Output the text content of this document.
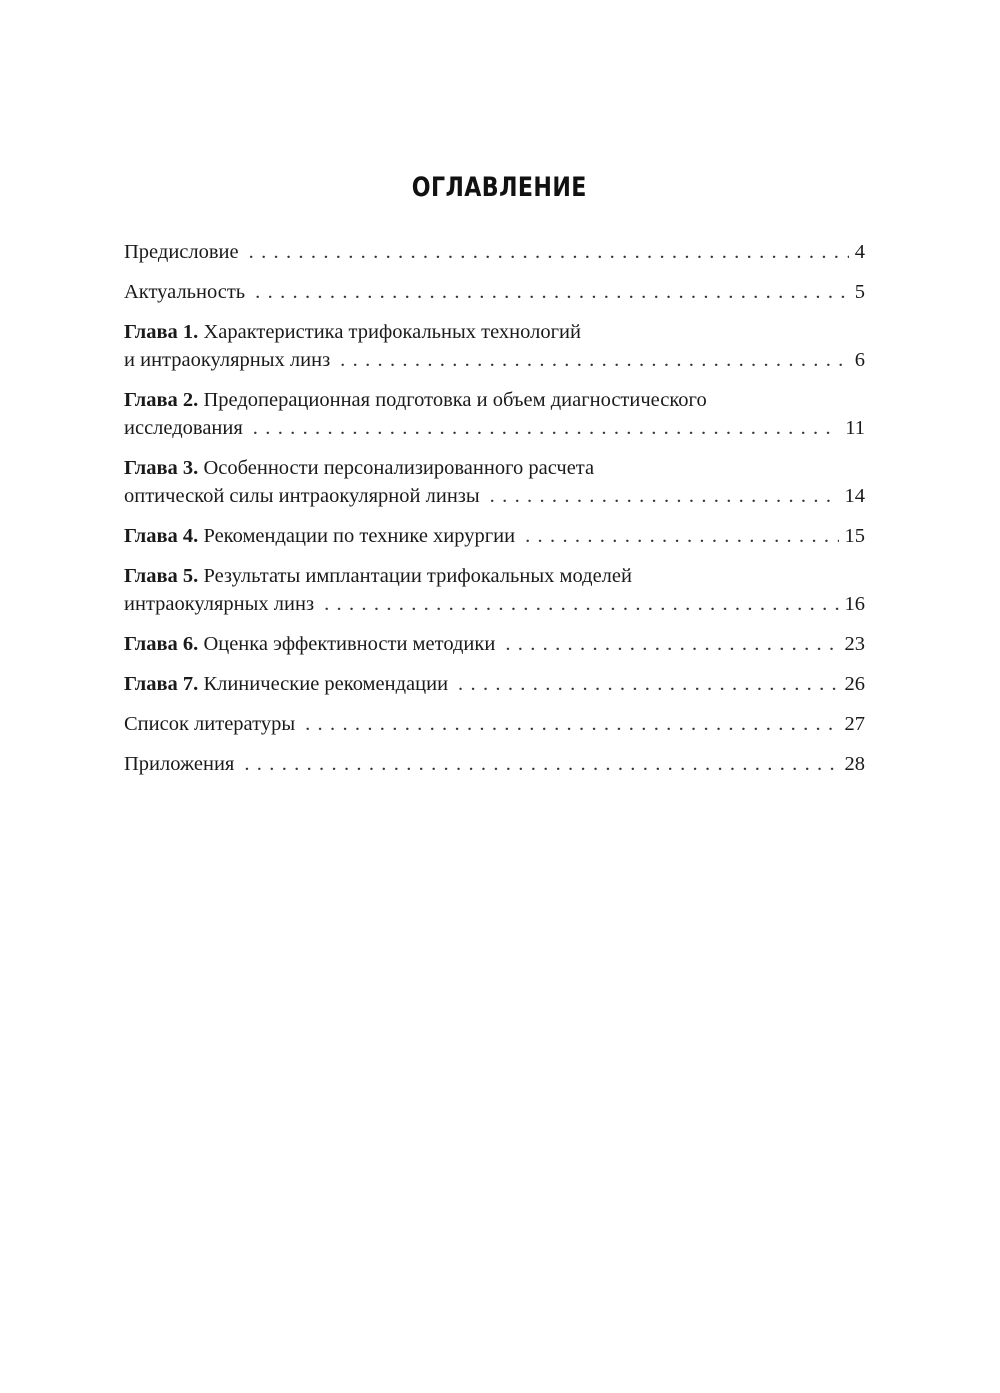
ОГЛАВЛЕНИЕ
Предисловие . . .	4
Актуальность . . .	5
Глава 1. Характеристика трифокальных технологий
и интраокулярных линз . . .	6
Глава 2. Предоперационная подготовка и объем диагностического
исследования . . .	11
Глава 3. Особенности персонализированного расчета
оптической силы интраокулярной линзы . . .	14
Глава 4.
Рекомендации по технике хирургии . . .	15
Глава 5. Результаты имплантации трифокальных моделей
интраокулярных линз . . .	16
Глава 6.
Оценка эффективности методики . . .	23
Глава 7.
Клинические рекомендации . . .	26
Список литературы . . .	27
Приложения . . .	28
